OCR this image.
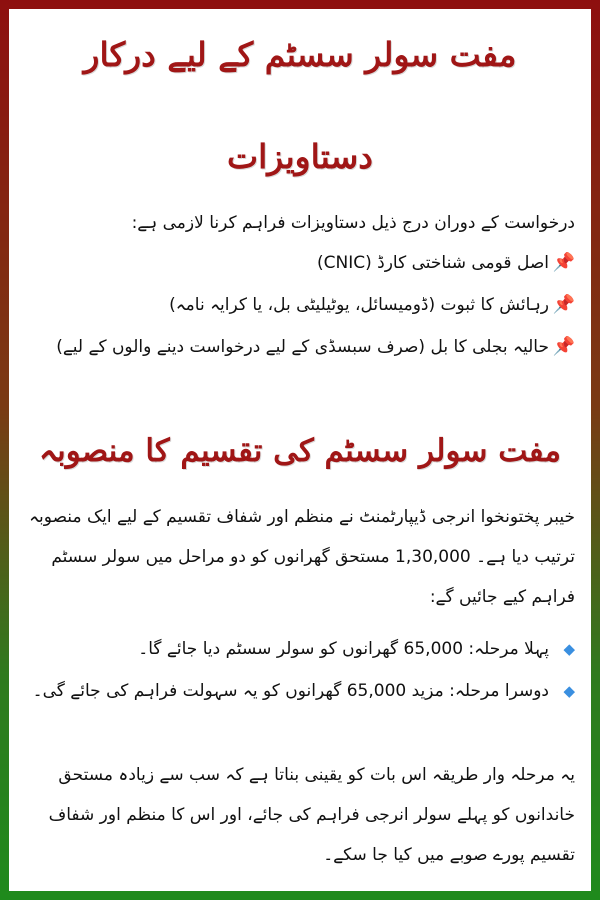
مفت سولر سسٹم کے لیے درکار
دستاویزات
درخواست کے دوران درج ذیل دستاویزات فراہم کرنا لازمی ہے:
📌اصل قومی شناختی کارڈ (CNIC)
📌رہائش کا ثبوت (ڈومیسائل، یوٹیلیٹی بل، یا کرایہ نامہ)
📌حالیہ بجلی کا بل (صرف سبسڈی کے لیے درخواست دینے والوں کے لیے)
مفت سولر سسٹم کی تقسیم کا منصوبہ
خیبر پختونخوا انرجی ڈیپارٹمنٹ نے منظم اور شفاف تقسیم کے لیے ایک منصوبہ ترتیب دیا ہے۔ 1,30,000 مستحق گھرانوں کو دو مراحل میں سولر سسٹم فراہم کیے جائیں گے:
◆پہلا مرحلہ: 65,000 گھرانوں کو سولر سسٹم دیا جائے گا۔
◆دوسرا مرحلہ: مزید 65,000 گھرانوں کو یہ سہولت فراہم کی جائے گی۔
یہ مرحلہ وار طریقہ اس بات کو یقینی بناتا ہے کہ سب سے زیادہ مستحق خاندانوں کو پہلے سولر انرجی فراہم کی جائے، اور اس کا منظم اور شفاف تقسیم پورے صوبے میں کیا جا سکے۔
